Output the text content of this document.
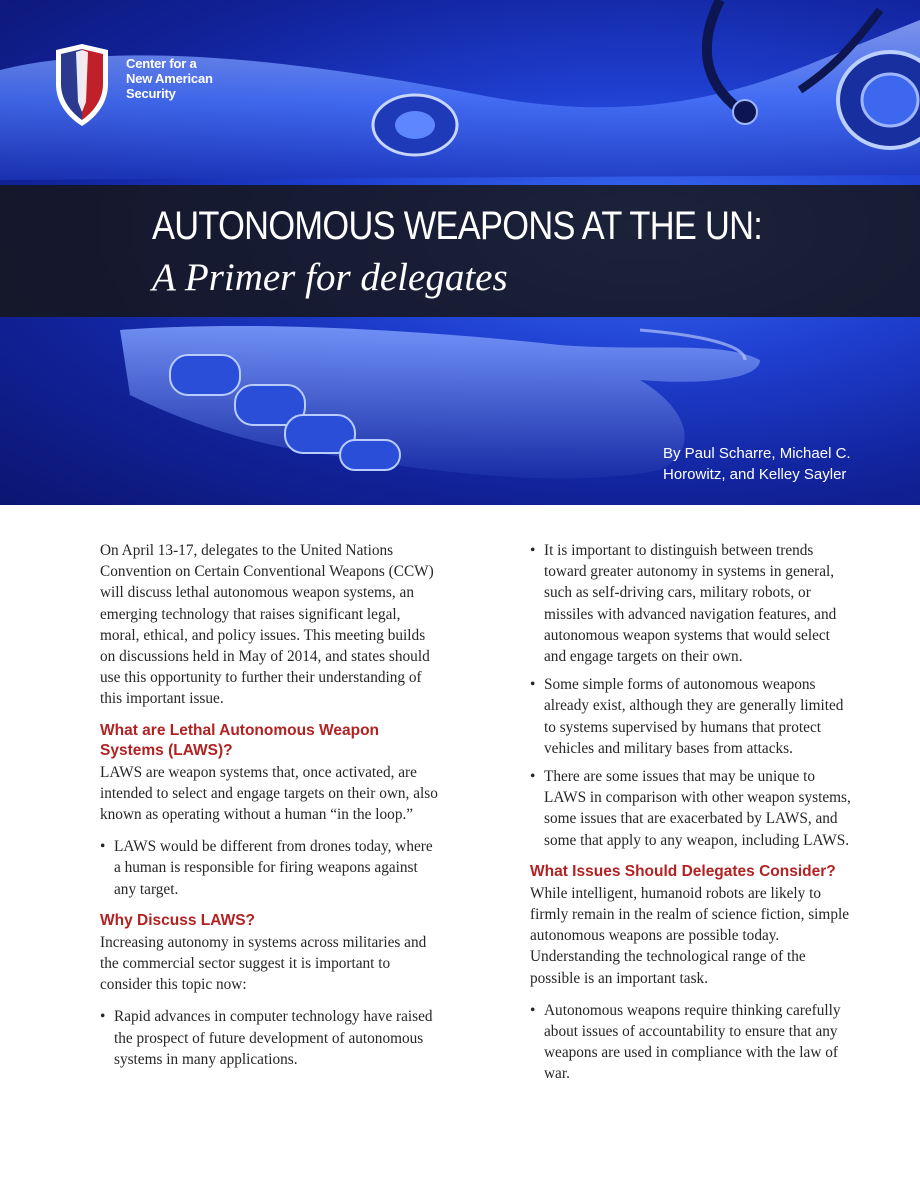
Center for a
New American
Security
AUTONOMOUS WEAPONS AT THE UN:
A Primer for delegates
By Paul Scharre, Michael C.
Horowitz, and Kelley Sayler

On April 13-17, delegates to the United Nations Convention on Certain Conventional Weapons (CCW) will discuss lethal autonomous weapon systems, an emerging technology that raises significant legal, moral, ethical, and policy issues. This meeting builds on discussions held in May of 2014, and states should use this opportunity to further their understanding of this important issue.

What are Lethal Autonomous Weapon Systems (LAWS)?

LAWS are weapon systems that, once activated, are intended to select and engage targets on their own, also known as operating without a human “in the loop.”

• LAWS would be different from drones today, where a human is responsible for firing weapons against any target.
Why Discuss LAWS?

Increasing autonomy in systems across militaries and the commercial sector suggest it is important to consider this topic now:

• Rapid advances in computer technology have raised the prospect of future development of autonomous systems in many applications.
• It is important to distinguish between trends toward greater autonomy in systems in general, such as self-driving cars, military robots, or missiles with advanced navigation features, and autonomous weapon systems that would select and engage targets on their own.
• Some simple forms of autonomous weapons already exist, although they are generally limited to systems supervised by humans that protect vehicles and military bases from attacks.
• There are some issues that may be unique to LAWS in comparison with other weapon systems, some issues that are exacerbated by LAWS, and some that apply to any weapon, including LAWS.
What Issues Should Delegates Consider?

While intelligent, humanoid robots are likely to firmly remain in the realm of science fiction, simple autonomous weapons are possible today. Understanding the technological range of the possible is an important task.

• Autonomous weapons require thinking carefully about issues of accountability to ensure that any weapons are used in compliance with the law of war.
